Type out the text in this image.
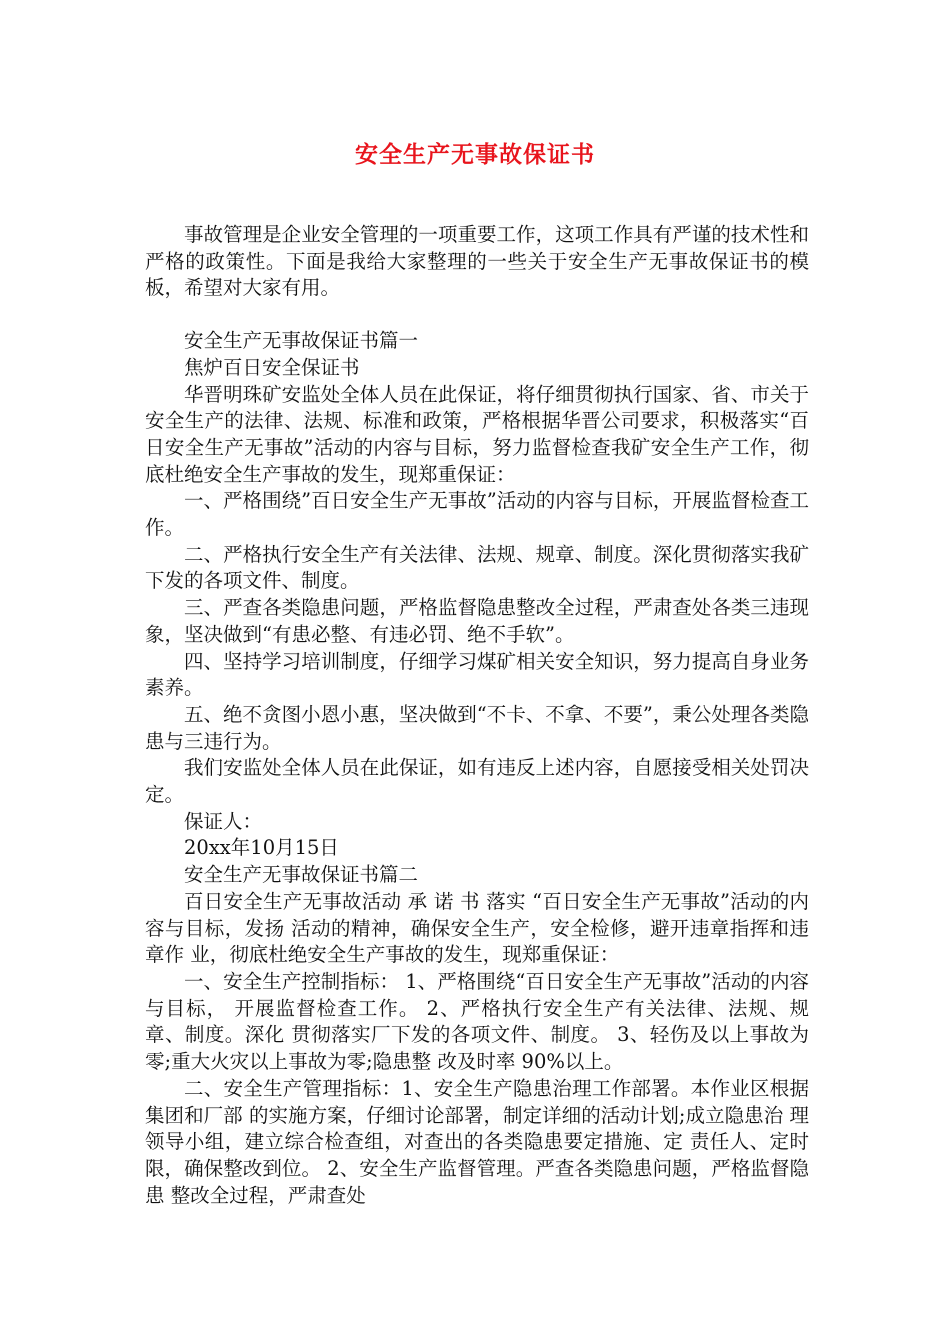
安全生产无事故保证书

事故管理是企业安全管理的一项重要工作，这项工作具有严谨的技术性和严格的政策性。下面是我给大家整理的一些关于安全生产无事故保证书的模板，希望对大家有用。

安全生产无事故保证书篇一

焦炉百日安全保证书

华晋明珠矿安监处全体人员在此保证，将仔细贯彻执行国家、省、市关于安全生产的法律、法规、标准和政策，严格根据华晋公司要求，积极落实“百日安全生产无事故”活动的内容与目标，努力监督检查我矿安全生产工作，彻底杜绝安全生产事故的发生，现郑重保证：

一、严格围绕”百日安全生产无事故”活动的内容与目标，开展监督检查工作。

二、严格执行安全生产有关法律、法规、规章、制度。深化贯彻落实我矿下发的各项文件、制度。

三、严查各类隐患问题，严格监督隐患整改全过程，严肃查处各类三违现象，坚决做到“有患必整、有违必罚、绝不手软”。

四、坚持学习培训制度，仔细学习煤矿相关安全知识，努力提高自身业务素养。

五、绝不贪图小恩小惠，坚决做到“不卡、不拿、不要”，秉公处理各类隐患与三违行为。

我们安监处全体人员在此保证，如有违反上述内容，自愿接受相关处罚决定。

保证人：

20xx年10月15日

安全生产无事故保证书篇二

百日安全生产无事故活动 承 诺 书 落实 “百日安全生产无事故”活动的内容与目标，发扬 活动的精神，确保安全生产，安全检修，避开违章指挥和违章作 业，彻底杜绝安全生产事故的发生，现郑重保证：

一、安全生产控制指标： 1、严格围绕“百日安全生产无事故”活动的内容与目标， 开展监督检查工作。 2、严格执行安全生产有关法律、法规、规章、制度。深化 贯彻落实厂下发的各项文件、制度。 3、轻伤及以上事故为零;重大火灾以上事故为零;隐患整 改及时率 90%以上。

二、安全生产管理指标：1、安全生产隐患治理工作部署。本作业区根据集团和厂部 的实施方案，仔细讨论部署，制定详细的活动计划;成立隐患治 理领导小组，建立综合检查组，对查出的各类隐患要定措施、定 责任人、定时限，确保整改到位。 2、安全生产监督管理。严查各类隐患问题，严格监督隐患 整改全过程，严肃查处
